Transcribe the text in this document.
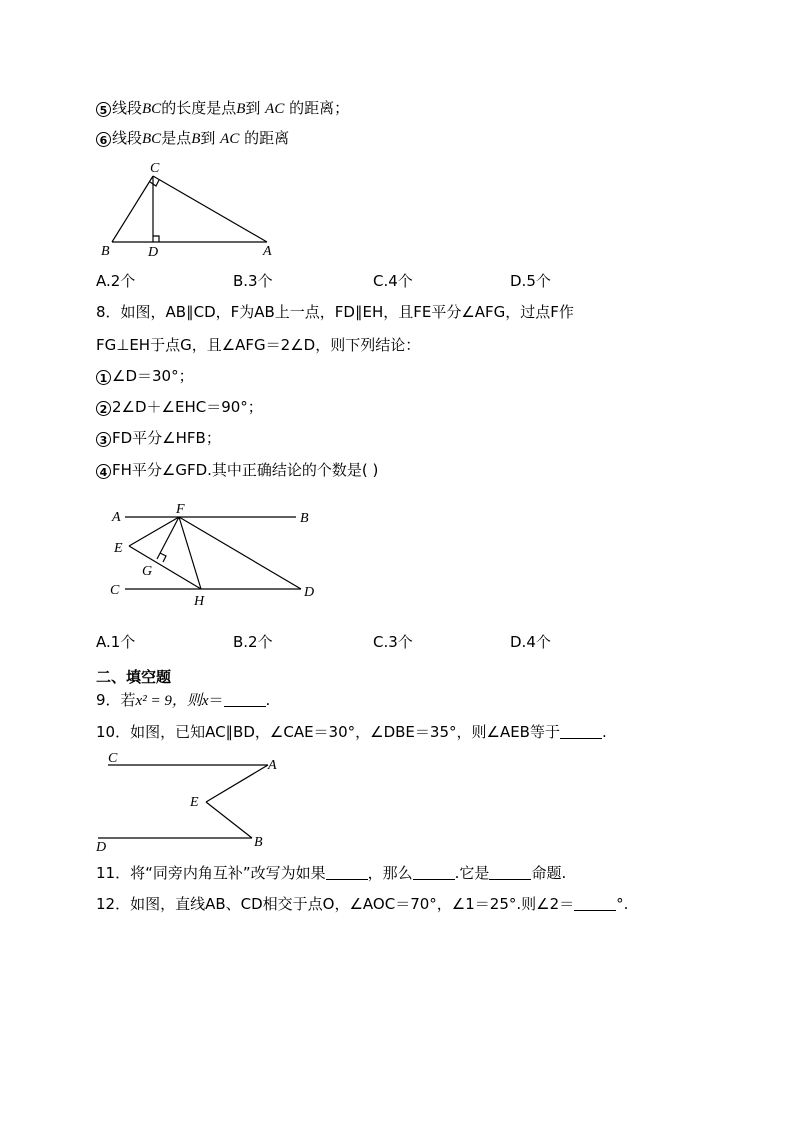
5 线段BC的长度是点B到 AC 的距离；
6 线段BC是点B到 AC 的距离
C
B	D	A
A.2个	B.3个	C.4个	D.5个
8．如图，AB∥CD，F为AB上一点，FD∥EH，且FE平分∠AFG，过点F作
FG⊥EH于点G，且∠AFG＝2∠D，则下列结论：
1 ∠D＝30°；
2 2∠D＋∠EHC＝90°；
3 FD平分∠HFB；
4 FH平分∠GFD.其中正确结论的个数是( )
A
F
B
E
G
C
H
D
A.1个	B.2个	C.3个	D.4个
二、填空题
9．若x² = 9，则x＝	.
10．如图，已知AC∥BD，∠CAE＝30°，∠DBE＝35°，则∠AEB等于	.
C	A
E
D	B
11．将“同旁内角互补”改写为如果	，那么	.它是	命题.
12．如图，直线AB、CD相交于点O，∠AOC＝70°，∠1＝25°.则∠2＝	°.
